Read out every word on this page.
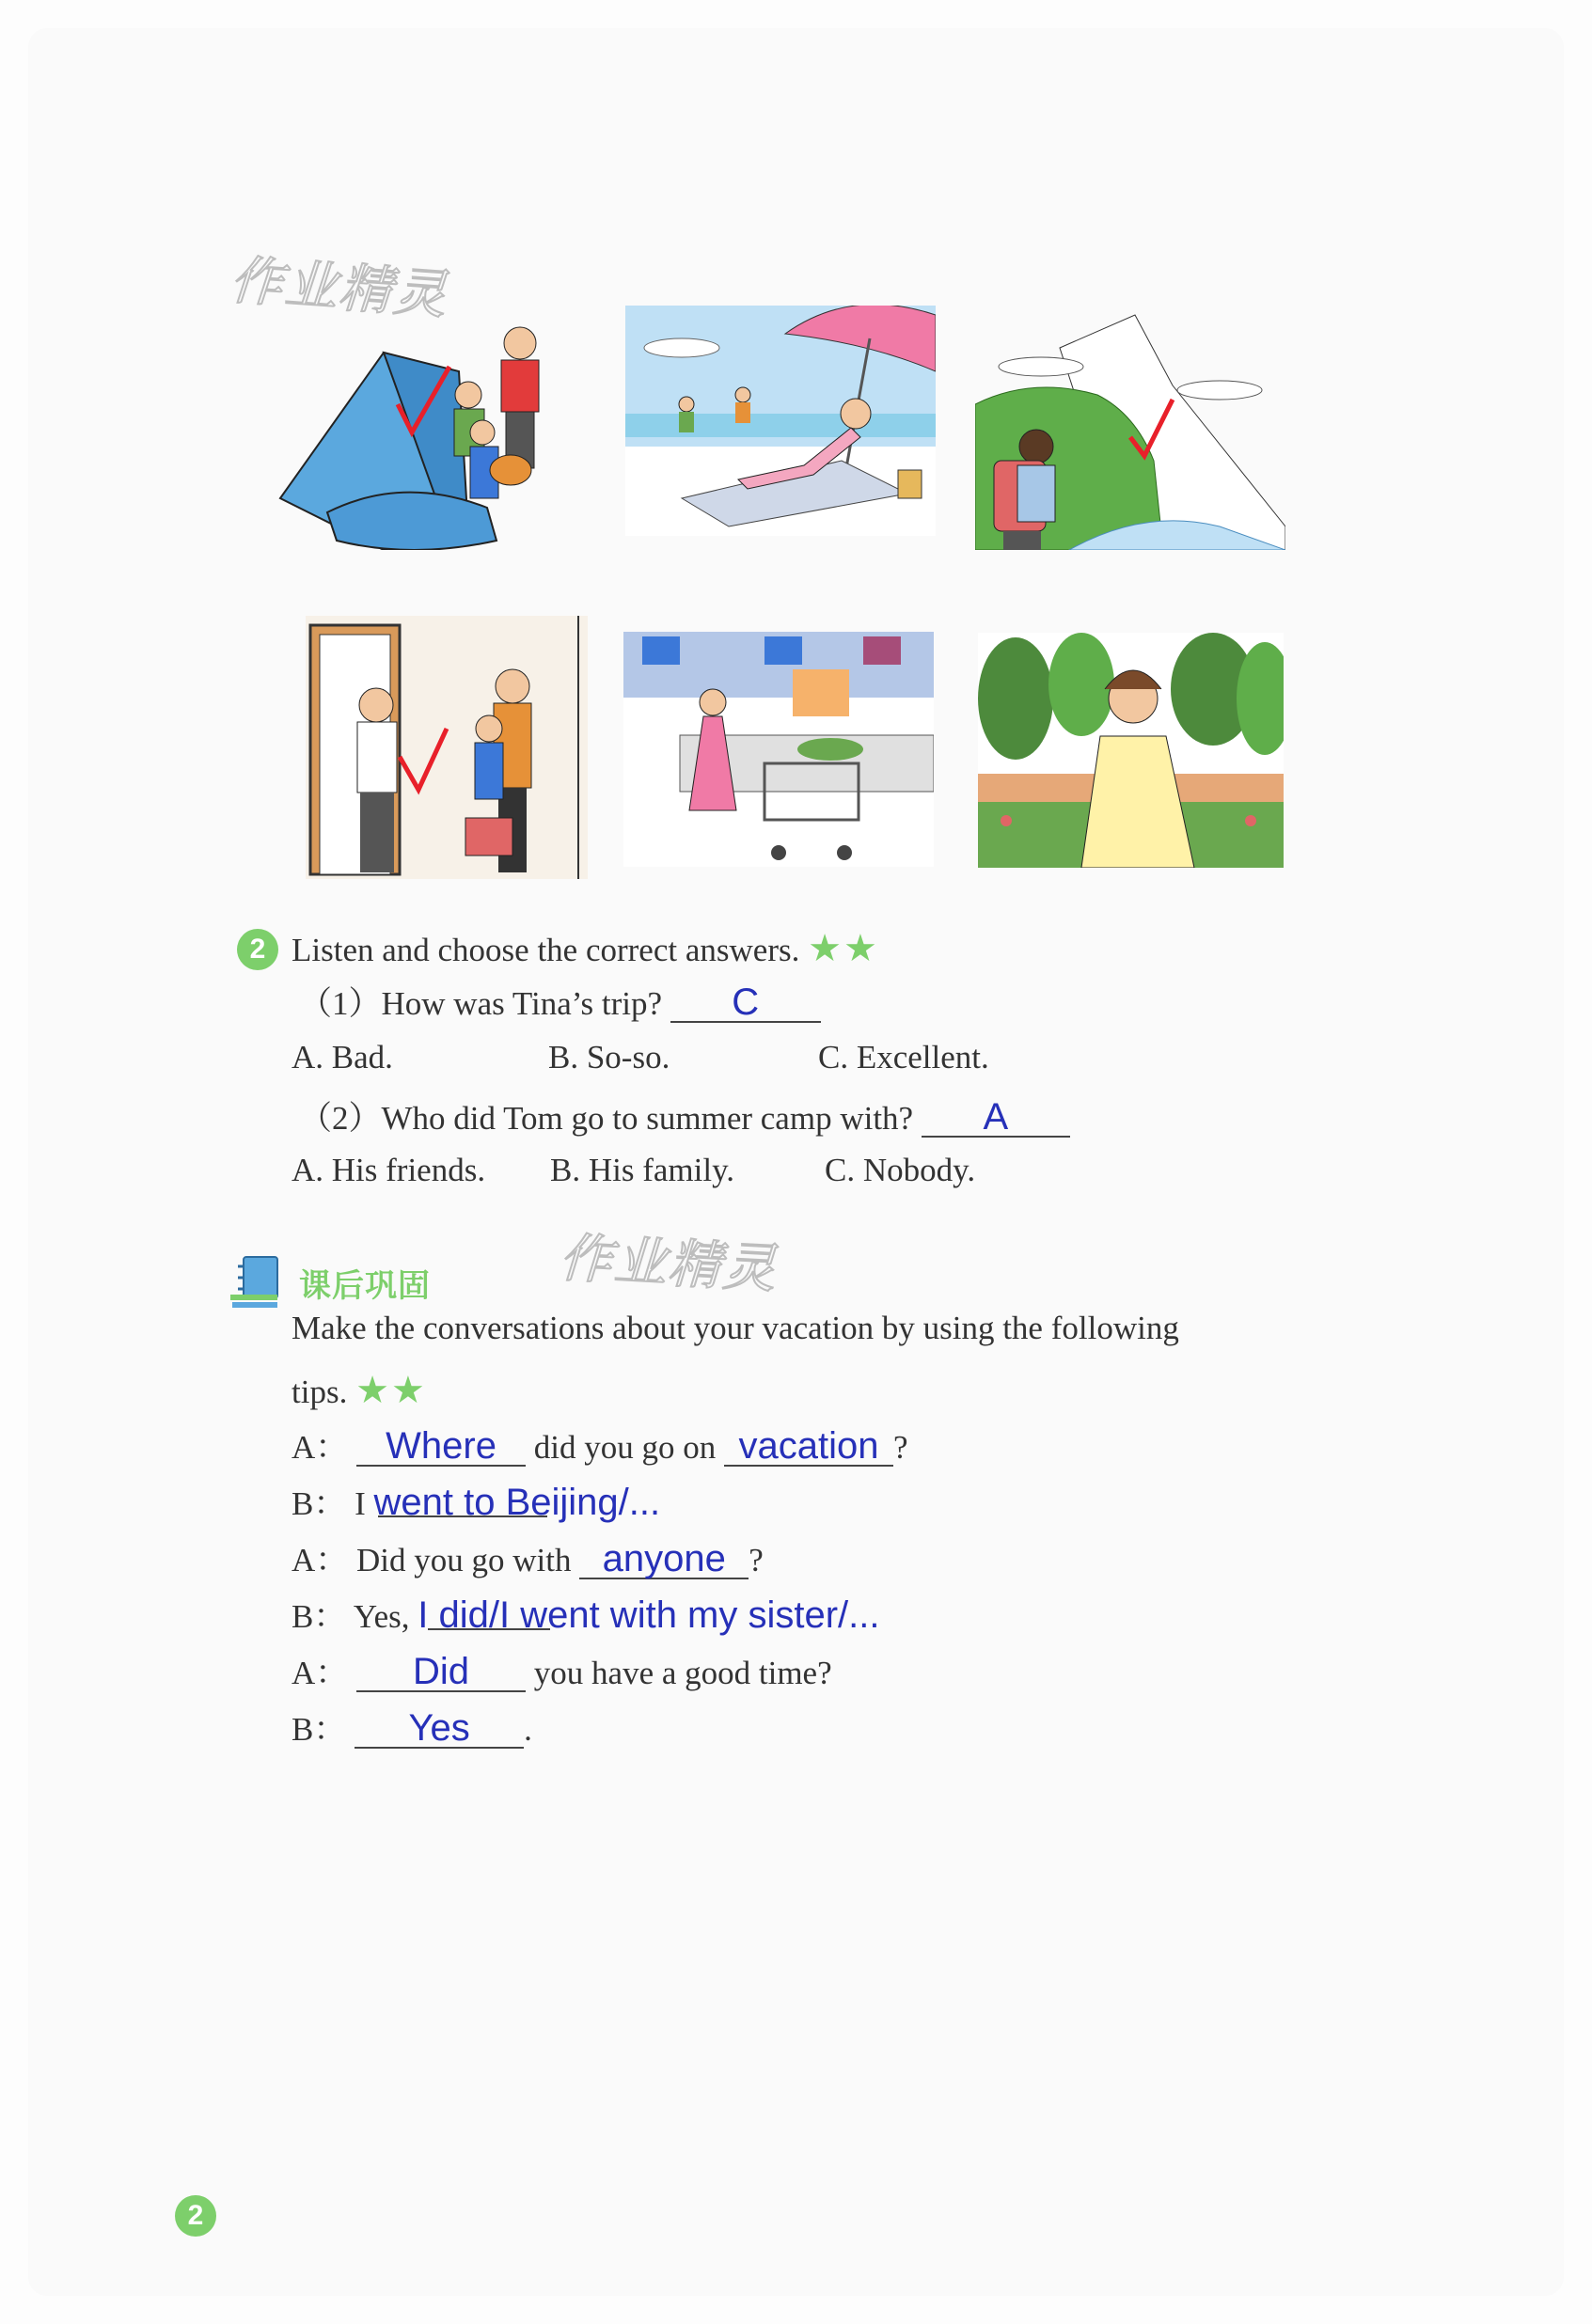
作业精灵
作业精灵
2 Listen and choose the correct answers. ★★
（1）How was Tina’s trip? C
A. Bad.	B. So-so.	C. Excellent.
（2）Who did Tom go to summer camp with? A
A. His friends. B. His family.	C. Nobody.
课后巩固
Make the conversations about your vacation by using the following
tips. ★★
A： Where did you go on vacation ?
B： I went to Beijing/...
A： Did you go with anyone ?
B： Yes, I did/I went with my sister/...
A： Did you have a good time?
B： Yes .
2
